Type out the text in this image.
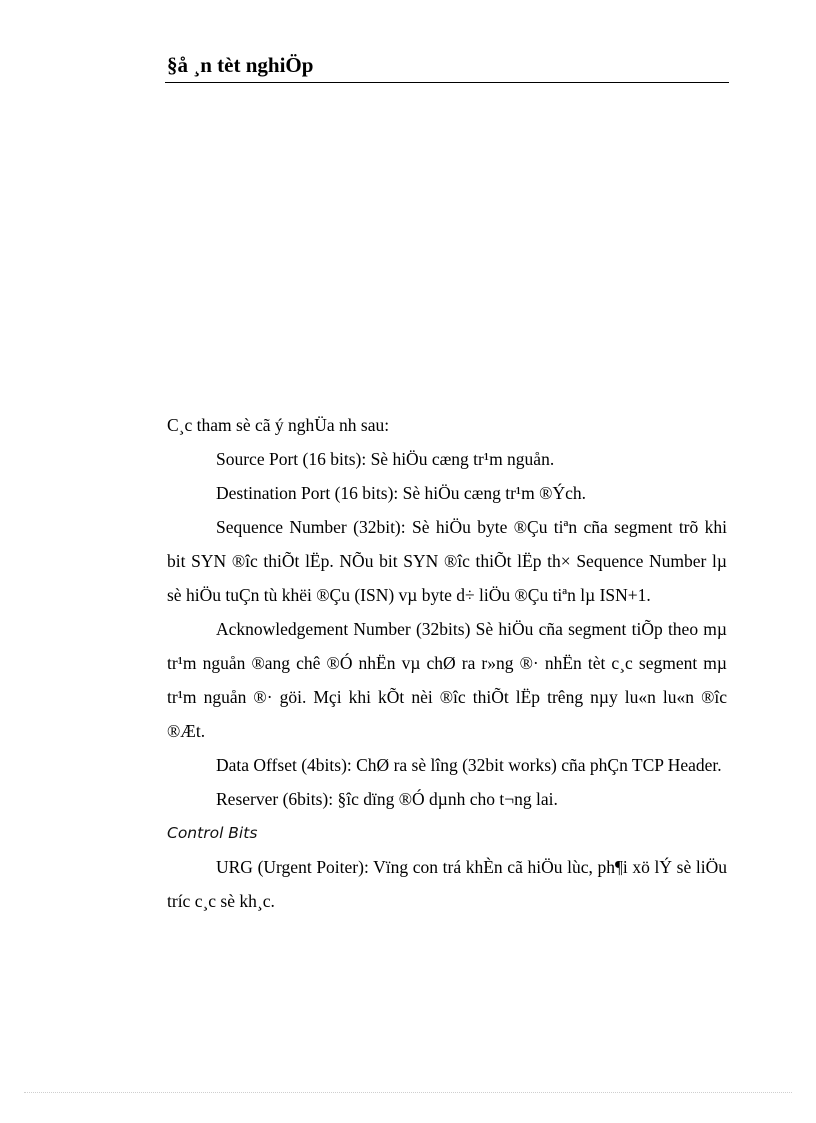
§å ¸n tèt nghiÖp

C¸c tham sè cã ý nghÜa nh sau:

Source Port (16 bits): Sè hiÖu cæng tr¹m nguån.

Destination Port (16 bits): Sè hiÖu cæng tr¹m ®Ých.

Sequence Number (32bit): Sè hiÖu byte ®Çu tiªn cña segment trõ khi bit SYN ®îc thiÕt lËp. NÕu bit SYN ®îc thiÕt lËp th× Sequence Number lµ sè hiÖu tuÇn tù khëi ®Çu (ISN) vµ byte d÷ liÖu ®Çu tiªn lµ ISN+1.

Acknowledgement Number (32bits) Sè hiÖu cña segment tiÕp theo mµ tr¹m nguån ®ang chê ®Ó nhËn vµ chØ ra r»ng ®· nhËn tèt c¸c segment mµ tr¹m nguån ®· göi. Mçi khi kÕt nèi ®îc thiÕt lËp trêng nµy lu«n lu«n ®îc ®Æt.

Data Offset (4bits): ChØ ra sè lîng (32bit works) cña phÇn TCP Header.

Reserver (6bits): §îc dïng ®Ó dµnh cho t¬ng lai.

Control Bits

URG (Urgent Poiter): Vïng con trá khÈn cã hiÖu lùc, ph¶i xö lÝ sè liÖu tríc c¸c sè kh¸c.
